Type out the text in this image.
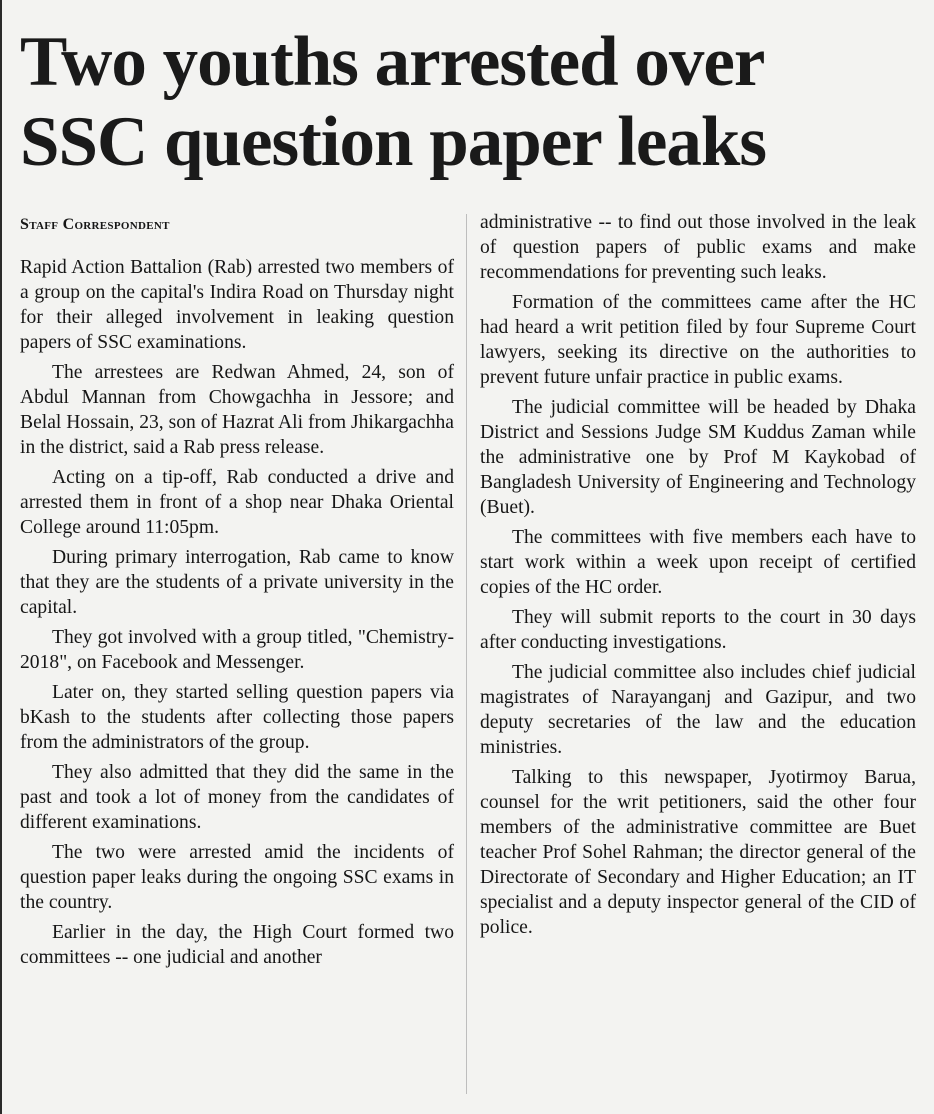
Two youths arrested over
SSC question paper leaks
Staff Correspondent

Rapid Action Battalion (Rab) arrested two members of a group on the capital's Indira Road on Thursday night for their alleged involvement in leaking question papers of SSC examinations.

The arrestees are Redwan Ahmed, 24, son of Abdul Mannan from Chowgachha in Jessore; and Belal Hossain, 23, son of Hazrat Ali from Jhikargachha in the district, said a Rab press release.

Acting on a tip-off, Rab conducted a drive and arrested them in front of a shop near Dhaka Oriental College around 11:05pm.

During primary interrogation, Rab came to know that they are the students of a private university in the capital.

They got involved with a group titled, "Chemistry-2018", on Facebook and Messenger.

Later on, they started selling question papers via bKash to the students after collecting those papers from the administrators of the group.

They also admitted that they did the same in the past and took a lot of money from the candidates of different examinations.

The two were arrested amid the incidents of question paper leaks during the ongoing SSC exams in the country.

Earlier in the day, the High Court formed two committees -- one judicial and another

administrative -- to find out those involved in the leak of question papers of public exams and make recommendations for preventing such leaks.

Formation of the committees came after the HC had heard a writ petition filed by four Supreme Court lawyers, seeking its directive on the authorities to prevent future unfair practice in public exams.

The judicial committee will be headed by Dhaka District and Sessions Judge SM Kuddus Zaman while the administrative one by Prof M Kaykobad of Bangladesh University of Engineering and Technology (Buet).

The committees with five members each have to start work within a week upon receipt of certified copies of the HC order.

They will submit reports to the court in 30 days after conducting investigations.

The judicial committee also includes chief judicial magistrates of Narayanganj and Gazipur, and two deputy secretaries of the law and the education ministries.

Talking to this newspaper, Jyotirmoy Barua, counsel for the writ petitioners, said the other four members of the administrative committee are Buet teacher Prof Sohel Rahman; the director general of the Directorate of Secondary and Higher Education; an IT specialist and a deputy inspector general of the CID of police.
